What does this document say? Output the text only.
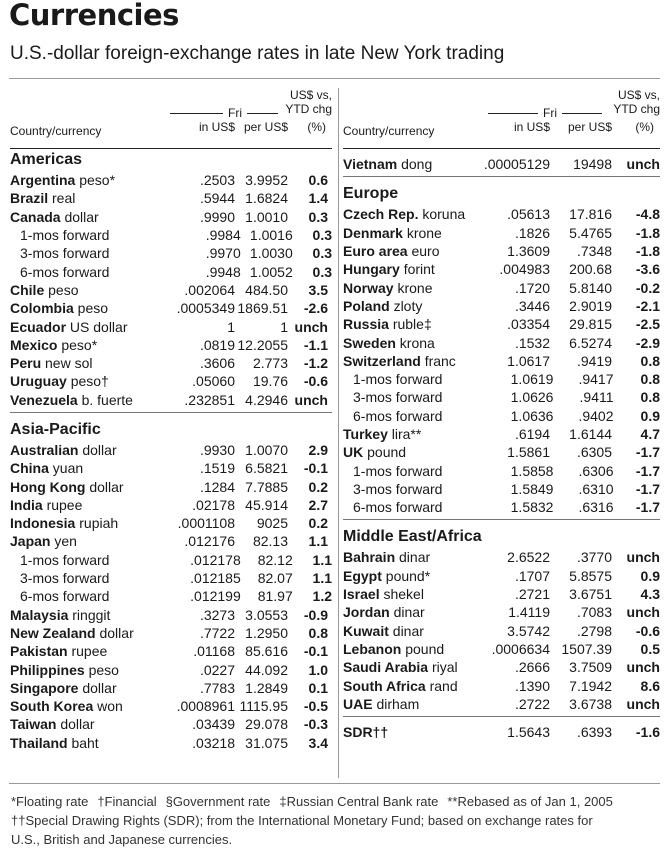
Currencies
U.S.-dollar foreign-exchange rates in late New York trading
US$ vs,
YTD chg
(%)
Fri
Country/currency	in US$ per US$
Americas
Argentina peso*	.2503 3.9952	0.6
Brazil real	.5944 1.6824	1.4
Canada dollar	.9990 1.0010	0.3
1-mos forward	.9984 1.0016	0.3
3-mos forward	.9970 1.0030	0.3
6-mos forward	.9948 1.0052	0.3
Chile peso	.002064 484.50	3.5
Colombia peso	.0005349 1869.51	-2.6
Ecuador US dollar	1	1 unch
Mexico peso*	.0819 12.2055	-1.1
Peru new sol	.3606	2.773	-1.2
Uruguay peso†	.05060	19.76	-0.6
Venezuela b. fuerte	.232851 4.2946 unch
Asia-Pacific
Australian dollar	.9930 1.0070	2.9
China yuan	.1519 6.5821	-0.1
Hong Kong dollar	.1284 7.7885	0.2
India rupee	.02178 45.914	2.7
Indonesia rupiah	.0001108	9025	0.2
Japan yen	.012176	82.13	1.1
1-mos forward	.012178	82.12	1.1
3-mos forward	.012185	82.07	1.1
6-mos forward	.012199	81.97	1.2
Malaysia ringgit	.3273 3.0553	-0.9
New Zealand dollar	.7722 1.2950	0.8
Pakistan rupee	.01168 85.616	-0.1
Philippines peso	.0227 44.092	1.0
Singapore dollar	.7783 1.2849	0.1
South Korea won	.0008961 1115.95	-0.5
Taiwan dollar	.03439 29.078	-0.3
Thailand baht	.03218 31.075	3.4
US$ vs,
YTD chg
(%)
Fri
Country/currency	in US$	per US$
Vietnam dong	.00005129	19498	unch
Europe
Czech Rep. koruna	.05613	17.816	-4.8
Denmark krone	.1826	5.4765	-1.8
Euro area euro	1.3609	.7348	-1.8
Hungary forint	.004983	200.68	-3.6
Norway krone	.1720	5.8140	-0.2
Poland zloty	.3446	2.9019	-2.1
Russia ruble‡	.03354	29.815	-2.5
Sweden krona	.1532	6.5274	-2.9
Switzerland franc	1.0617	.9419	0.8
1-mos forward	1.0619	.9417	0.8
3-mos forward	1.0626	.9411	0.8
6-mos forward	1.0636	.9402	0.9
Turkey lira**	.6194	1.6144	4.7
UK pound	1.5861	.6305	-1.7
1-mos forward	1.5858	.6306	-1.7
3-mos forward	1.5849	.6310	-1.7
6-mos forward	1.5832	.6316	-1.7
Middle East/Africa
Bahrain dinar	2.6522	.3770	unch
Egypt pound*	.1707	5.8575	0.9
Israel shekel	.2721	3.6751	4.3
Jordan dinar	1.4119	.7083	unch
Kuwait dinar	3.5742	.2798	-0.6
Lebanon pound	.0006634 1507.39	0.5
Saudi Arabia riyal	.2666	3.7509	unch
South Africa rand	.1390	7.1942	8.6
UAE dirham	.2722	3.6738	unch
SDR††	1.5643	.6393	-1.6
*Floating rate †Financial §Government rate ‡Russian Central Bank rate **Rebased as of Jan 1, 2005
††Special Drawing Rights (SDR); from the International Monetary Fund; based on exchange rates for
U.S., British and Japanese currencies.
